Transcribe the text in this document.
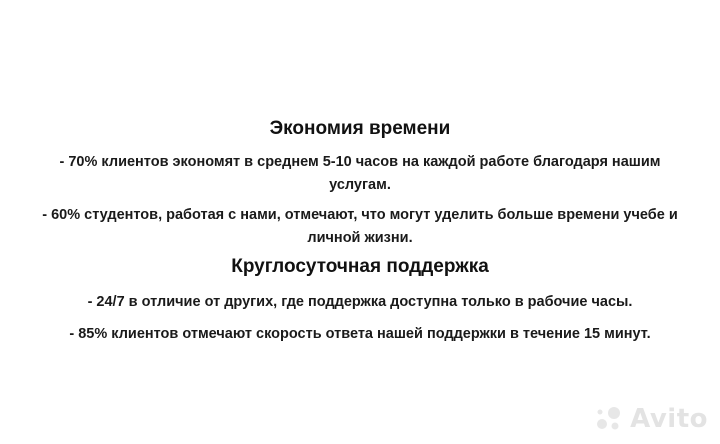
Экономия времени

- 70% клиентов экономят в среднем 5-10 часов на каждой работе благодаря нашим услугам.

- 60% студентов, работая с нами, отмечают, что могут уделить больше времени учебе и личной жизни.

Круглосуточная поддержка

- 24/7 в отличие от других, где поддержка доступна только в рабочие часы.

- 85% клиентов отмечают скорость ответа нашей поддержки в течение 15 минут.

Avito
